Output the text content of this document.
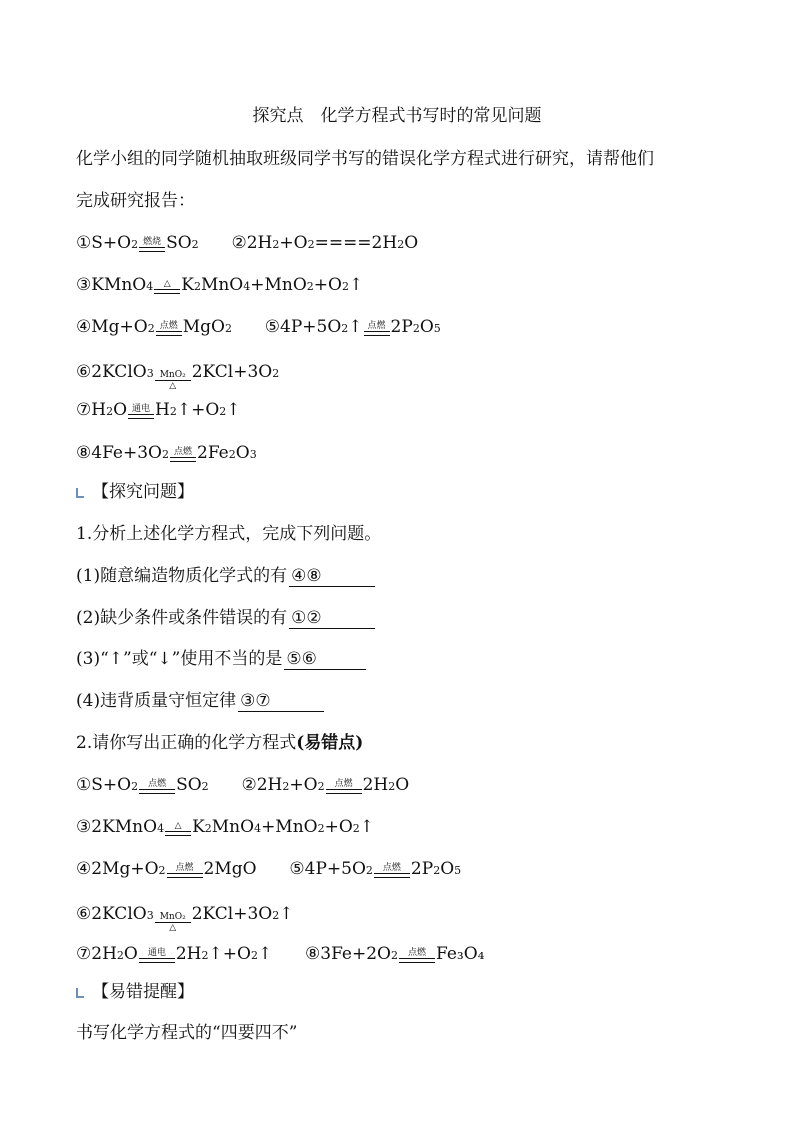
探究点　化学方程式书写时的常见问题
化学小组的同学随机抽取班级同学书写的错误化学方程式进行研究，请帮他们
完成研究报告：
① S+O 2 燃烧 SO 2
② 2H 2 +O 2 ====2H 2 O
③ KMnO 4 △ K 2 MnO 4 +MnO 2 +O 2 ↑
④ Mg+O 2 点燃 MgO 2
⑤ 4P+5O 2 ↑ 点燃 2P 2 O 5
⑥ 2KClO 3 MnO₂
△
2KCl+3O 2
⑦ H 2 O 通电 H 2 ↑+O 2 ↑
⑧ 4Fe+3O 2 点燃 2Fe 2 O 3
【探究问题】
1.分析上述化学方程式，完成下列问题。
(1)随意编造物质化学式的有 ④⑧
(2)缺少条件或条件错误的有 ①②
(3)“↑”或“↓”使用不当的是 ⑤⑥
(4)违背质量守恒定律 ③⑦
2.请你写出正确的化学方程式(易错点)
① S+O 2 点燃 SO 2
② 2H 2 +O 2 点燃 2H 2 O
③ 2KMnO 4 △ K 2 MnO 4 +MnO 2 +O 2 ↑
④ 2Mg+O 2 点燃 2MgO
⑤ 4P+5O 2 点燃 2P 2 O 5
⑥ 2KClO 3 MnO₂
△
2KCl+3O 2 ↑
⑦ 2H 2 O 通电 2H 2 ↑+O 2 ↑
⑧ 3Fe+2O 2 点燃 Fe₃O₄
【易错提醒】
书写化学方程式的“四要四不”
